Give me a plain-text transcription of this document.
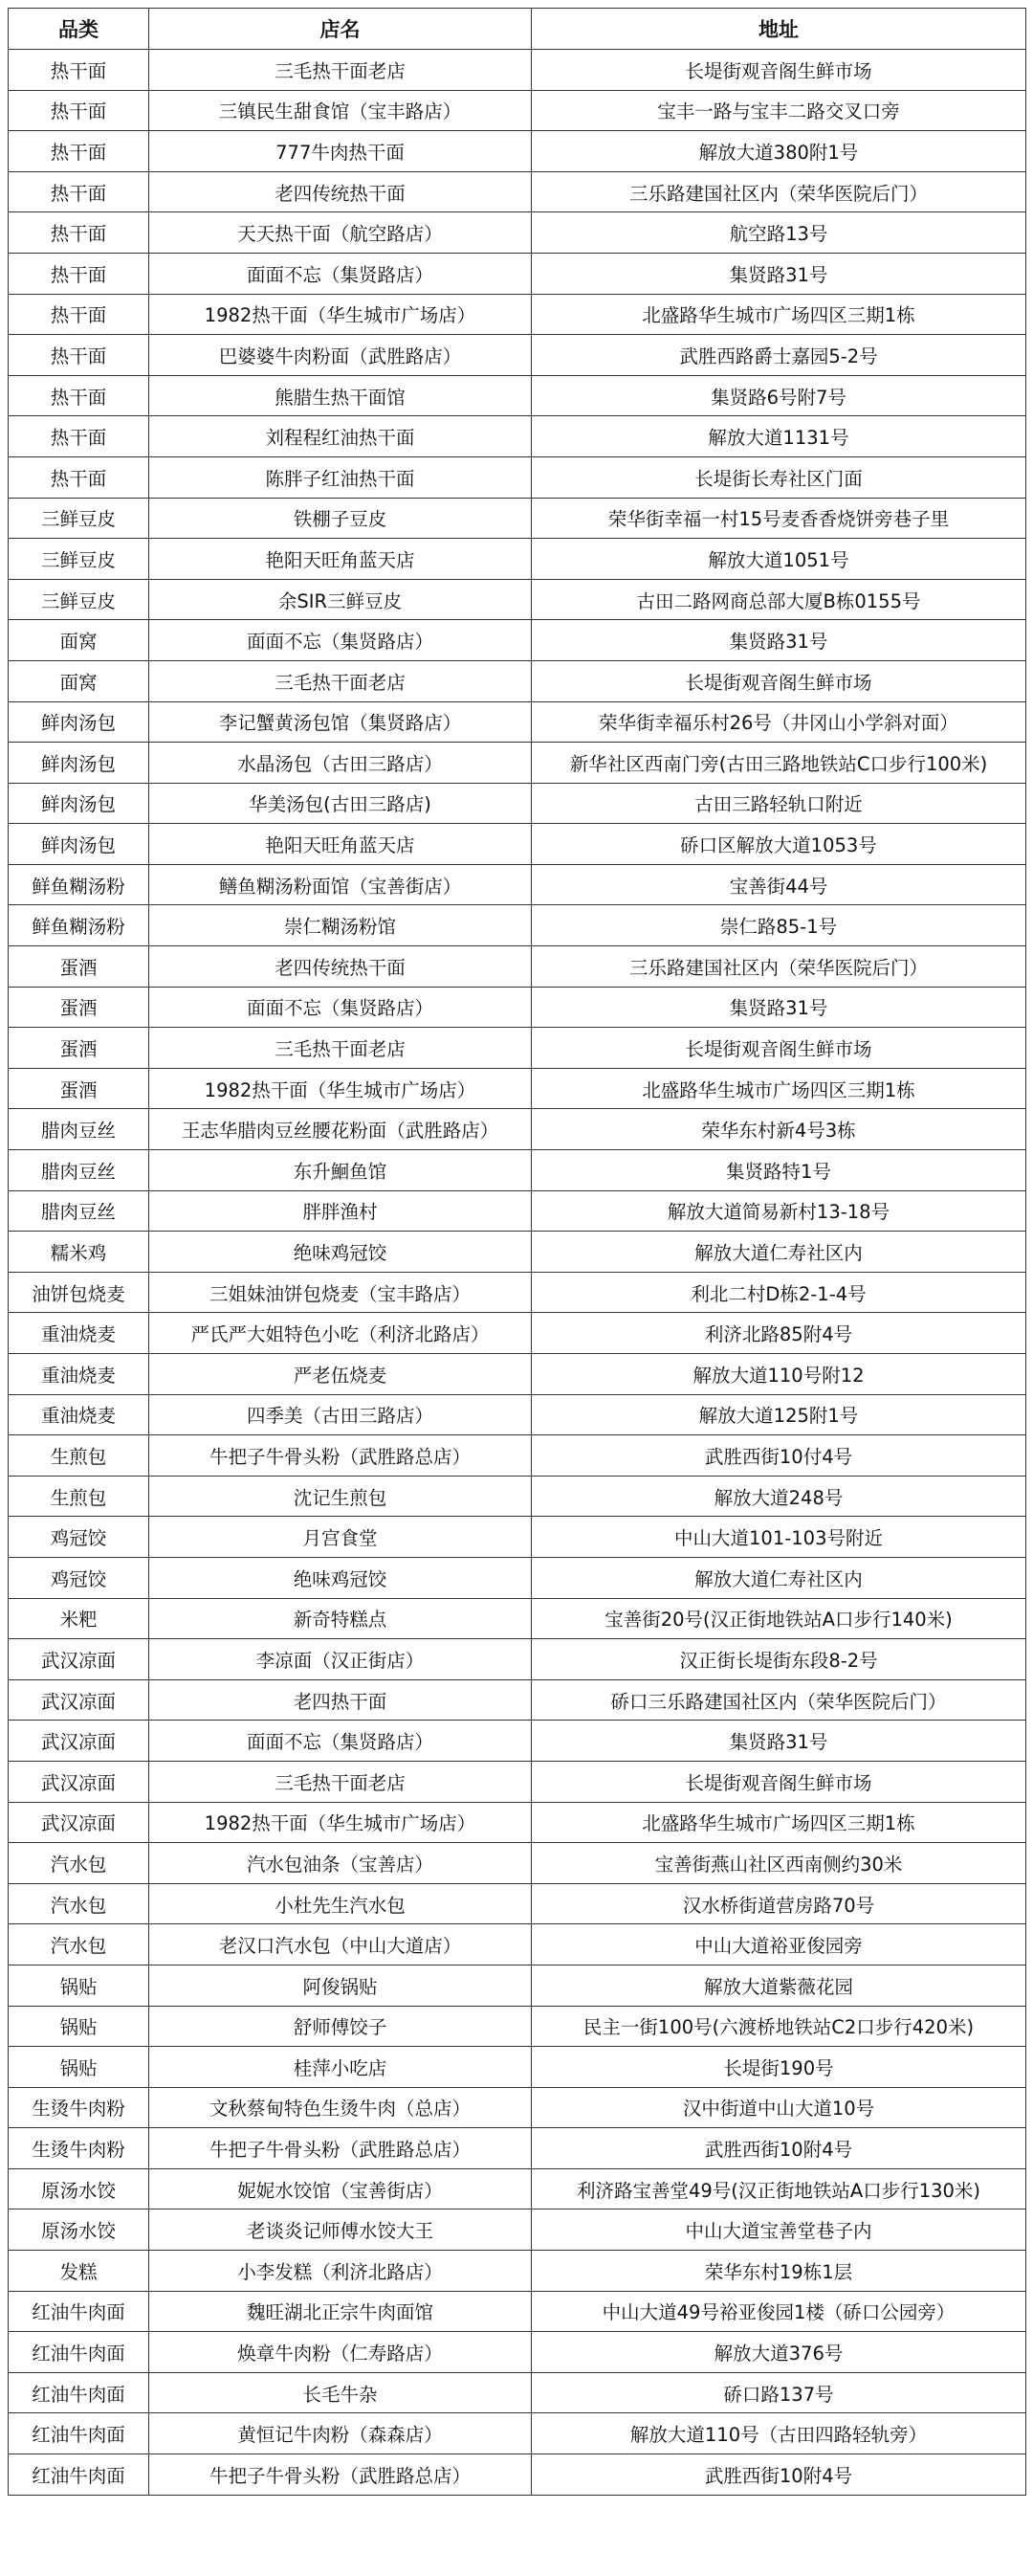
品类	店名	地址
热干面	三毛热干面老店	长堤街观音阁生鲜市场
热干面	三镇民生甜食馆（宝丰路店）	宝丰一路与宝丰二路交叉口旁
热干面	777牛肉热干面	解放大道380附1号
热干面	老四传统热干面	三乐路建国社区内（荣华医院后门）
热干面	天天热干面（航空路店）	航空路13号
热干面	面面不忘（集贤路店）	集贤路31号
热干面	1982热干面（华生城市广场店）	北盛路华生城市广场四区三期1栋
热干面	巴婆婆牛肉粉面（武胜路店）	武胜西路爵士嘉园5-2号
热干面	熊腊生热干面馆	集贤路6号附7号
热干面	刘程程红油热干面	解放大道1131号
热干面	陈胖子红油热干面	长堤街长寿社区门面
三鲜豆皮	铁棚子豆皮	荣华街幸福一村15号麦香香烧饼旁巷子里
三鲜豆皮	艳阳天旺角蓝天店	解放大道1051号
三鲜豆皮	余SIR三鲜豆皮	古田二路网商总部大厦B栋0155号
面窝	面面不忘（集贤路店）	集贤路31号
面窝	三毛热干面老店	长堤街观音阁生鲜市场
鲜肉汤包	李记蟹黄汤包馆（集贤路店）	荣华街幸福乐村26号（井冈山小学斜对面）
鲜肉汤包	水晶汤包（古田三路店）	新华社区西南门旁(古田三路地铁站C口步行100米)
鲜肉汤包	华美汤包(古田三路店)	古田三路轻轨口附近
鲜肉汤包	艳阳天旺角蓝天店	硚口区解放大道1053号
鲜鱼糊汤粉	鳝鱼糊汤粉面馆（宝善街店）	宝善街44号
鲜鱼糊汤粉	崇仁糊汤粉馆	崇仁路85-1号
蛋酒	老四传统热干面	三乐路建国社区内（荣华医院后门）
蛋酒	面面不忘（集贤路店）	集贤路31号
蛋酒	三毛热干面老店	长堤街观音阁生鲜市场
蛋酒	1982热干面（华生城市广场店）	北盛路华生城市广场四区三期1栋
腊肉豆丝	王志华腊肉豆丝腰花粉面（武胜路店）	荣华东村新4号3栋
腊肉豆丝	东升鮰鱼馆	集贤路特1号
腊肉豆丝	胖胖渔村	解放大道简易新村13-18号
糯米鸡	绝味鸡冠饺	解放大道仁寿社区内
油饼包烧麦	三姐妹油饼包烧麦（宝丰路店）	利北二村D栋2-1-4号
重油烧麦	严氏严大姐特色小吃（利济北路店）	利济北路85附4号
重油烧麦	严老伍烧麦	解放大道110号附12
重油烧麦	四季美（古田三路店）	解放大道125附1号
生煎包	牛把子牛骨头粉（武胜路总店）	武胜西街10付4号
生煎包	沈记生煎包	解放大道248号
鸡冠饺	月宫食堂	中山大道101-103号附近
鸡冠饺	绝味鸡冠饺	解放大道仁寿社区内
米粑	新奇特糕点	宝善街20号(汉正街地铁站A口步行140米)
武汉凉面	李凉面（汉正街店）	汉正街长堤街东段8-2号
武汉凉面	老四热干面	硚口三乐路建国社区内（荣华医院后门）
武汉凉面	面面不忘（集贤路店）	集贤路31号
武汉凉面	三毛热干面老店	长堤街观音阁生鲜市场
武汉凉面	1982热干面（华生城市广场店）	北盛路华生城市广场四区三期1栋
汽水包	汽水包油条（宝善店）	宝善街燕山社区西南侧约30米
汽水包	小杜先生汽水包	汉水桥街道营房路70号
汽水包	老汉口汽水包（中山大道店）	中山大道裕亚俊园旁
锅贴	阿俊锅贴	解放大道紫薇花园
锅贴	舒师傅饺子	民主一街100号(六渡桥地铁站C2口步行420米)
锅贴	桂萍小吃店	长堤街190号
生烫牛肉粉	文秋蔡甸特色生烫牛肉（总店）	汉中街道中山大道10号
生烫牛肉粉	牛把子牛骨头粉（武胜路总店）	武胜西街10附4号
原汤水饺	妮妮水饺馆（宝善街店）	利济路宝善堂49号(汉正街地铁站A口步行130米)
原汤水饺	老谈炎记师傅水饺大王	中山大道宝善堂巷子内
发糕	小李发糕（利济北路店）	荣华东村19栋1层
红油牛肉面	魏旺湖北正宗牛肉面馆	中山大道49号裕亚俊园1楼（硚口公园旁）
红油牛肉面	焕章牛肉粉（仁寿路店）	解放大道376号
红油牛肉面	长毛牛杂	硚口路137号
红油牛肉面	黄恒记牛肉粉（森森店）	解放大道110号（古田四路轻轨旁）
红油牛肉面	牛把子牛骨头粉（武胜路总店）	武胜西街10附4号
